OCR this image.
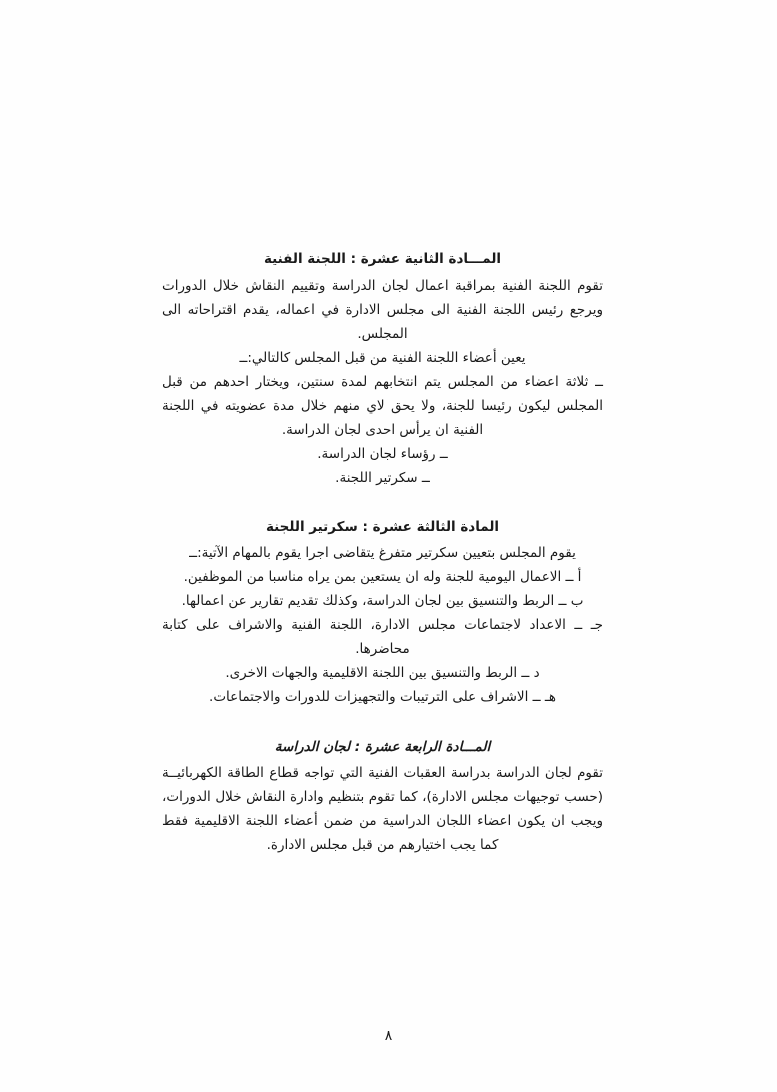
المـــادة الثانية عشرة : اللجنة الفنية

تقوم اللجنة الفنية بمراقبة اعمال لجان الدراسة وتقييم النقاش خلال الدورات ويرجع رئيس اللجنة الفنية الى مجلس الادارة في اعماله، يقدم اقتراحاته الى المجلس.

يعين أعضاء اللجنة الفنية من قبل المجلس كالتالي:ــ

ــ ثلاثة اعضاء من المجلس يتم انتخابهم لمدة سنتين، ويختار احدهم من قبل المجلس ليكون رئيسا للجنة، ولا يحق لاي منهم خلال مدة عضويته في اللجنة الفنية ان يرأس احدى لجان الدراسة.
ــ رؤساء لجان الدراسة.
ــ سكرتير اللجنة.
المادة الثالثة عشرة : سكرتير اللجنة

يقوم المجلس بتعيين سكرتير متفرغ يتقاضى اجرا يقوم بالمهام الآتية:ــ

أ ــ الاعمال اليومية للجنة وله ان يستعين بمن يراه مناسبا من الموظفين.
ب ــ الربط والتنسيق بين لجان الدراسة، وكذلك تقديم تقارير عن اعمالها.
جـ ــ الاعداد لاجتماعات مجلس الادارة، اللجنة الفنية والاشراف على كتابة محاضرها.
د ــ الربط والتنسيق بين اللجنة الاقليمية والجهات الاخرى.
هـ ــ الاشراف على الترتيبات والتجهيزات للدورات والاجتماعات.
المـــادة الرابعة عشرة : لجان الدراسة

تقوم لجان الدراسة بدراسة العقبات الفنية التي تواجه قطاع الطاقة الكهربائيــة (حسب توجيهات مجلس الادارة)، كما تقوم بتنظيم وادارة النقاش خلال الدورات، ويجب ان يكون اعضاء اللجان الدراسية من ضمن أعضاء اللجنة الاقليمية فقط كما يجب اختيارهم من قبل مجلس الادارة.

٨
